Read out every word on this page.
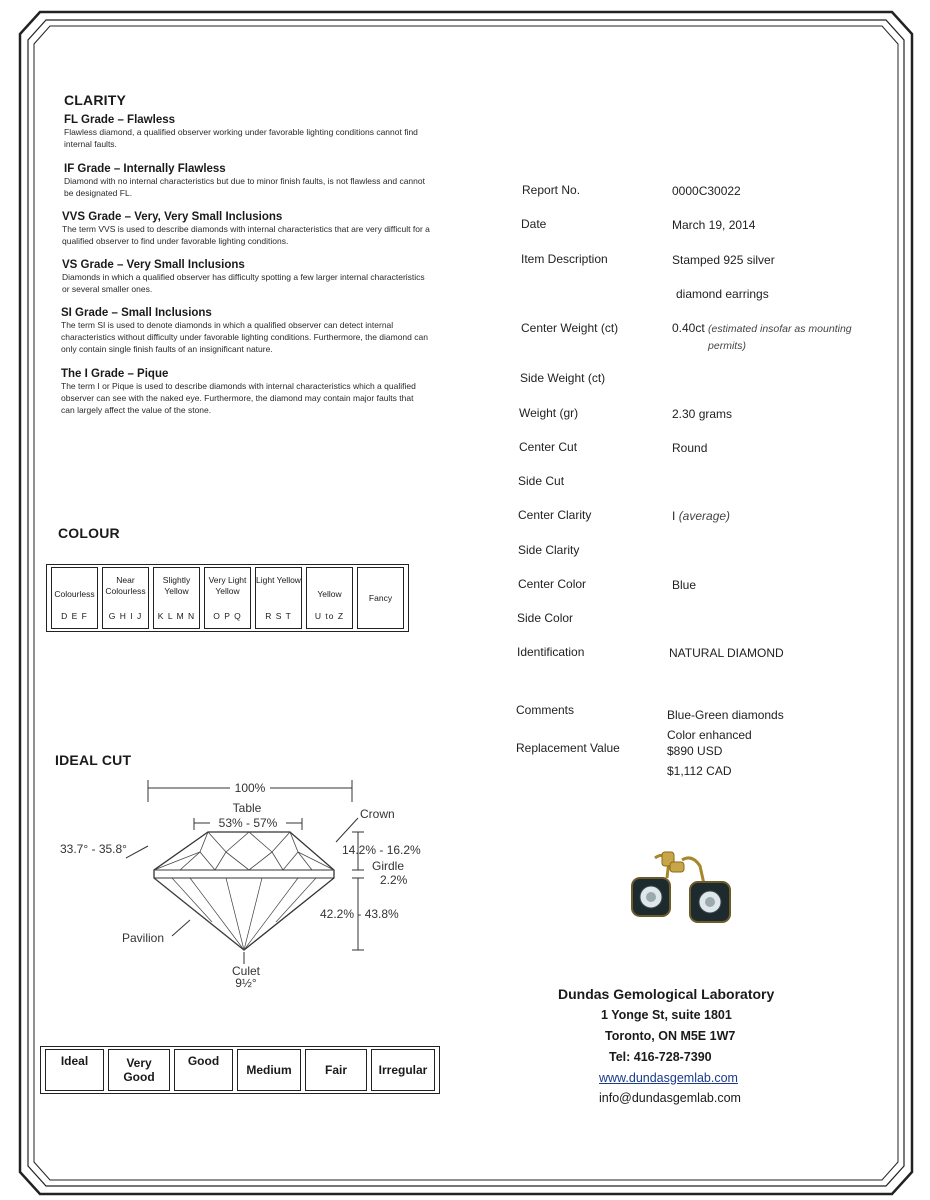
CLARITY
FL Grade – Flawless
Flawless diamond, a qualified observer working under favorable lighting conditions cannot find internal faults.
IF Grade – Internally Flawless
Diamond with no internal characteristics but due to minor finish faults, is not flawless and cannot be designated FL.
VVS Grade – Very, Very Small Inclusions
The term VVS is used to describe diamonds with internal characteristics that are very difficult for a qualified observer to find under favorable lighting conditions.
VS Grade – Very Small Inclusions
Diamonds in which a qualified observer has difficulty spotting a few larger internal characteristics or several smaller ones.
SI Grade – Small Inclusions
The term SI is used to denote diamonds in which a qualified observer can detect internal characteristics without difficulty under favorable lighting conditions. Furthermore, the diamond can only contain single finish faults of an insignificant nature.
The I Grade – Pique
The term I or Pique is used to describe diamonds with internal characteristics which a qualified observer can see with the naked eye. Furthermore, the diamond may contain major faults that can largely affect the value of the stone.
COLOUR
Colourless
D E F

Near Colourless
G H I J

Slightly Yellow
K L M N

Very Light Yellow
O P Q

Light Yellow
R S T

Yellow
U to Z
	Fancy
IDEAL CUT
100%
Table
53% - 57%
33.7° - 35.8°
Crown
14.2% - 16.2%
Girdle
2.2%
42.2% - 43.8%
Pavilion
Culet
9½°
Ideal	Very Good	Good	Medium	Fair	Irregular
Report No.	0000C30022
Date	March 19, 2014
Item Description	Stamped 925 silver
diamond earrings
Center Weight (ct)	0.40ct (estimated insofar as mounting permits)
Side Weight (ct)
Weight (gr)	2.30 grams
Center Cut	Round
Side Cut
Center Clarity	I (average)
Side Clarity
Center Color	Blue
Side Color
Identification	NATURAL DIAMOND
Comments	Blue-Green diamonds
Color enhanced
Replacement Value	$890 USD
$1,112 CAD
Dundas Gemological Laboratory
1 Yonge St, suite 1801
Toronto, ON M5E 1W7
Tel: 416-728-7390
www.dundasgemlab.com
info@dundasgemlab.com
